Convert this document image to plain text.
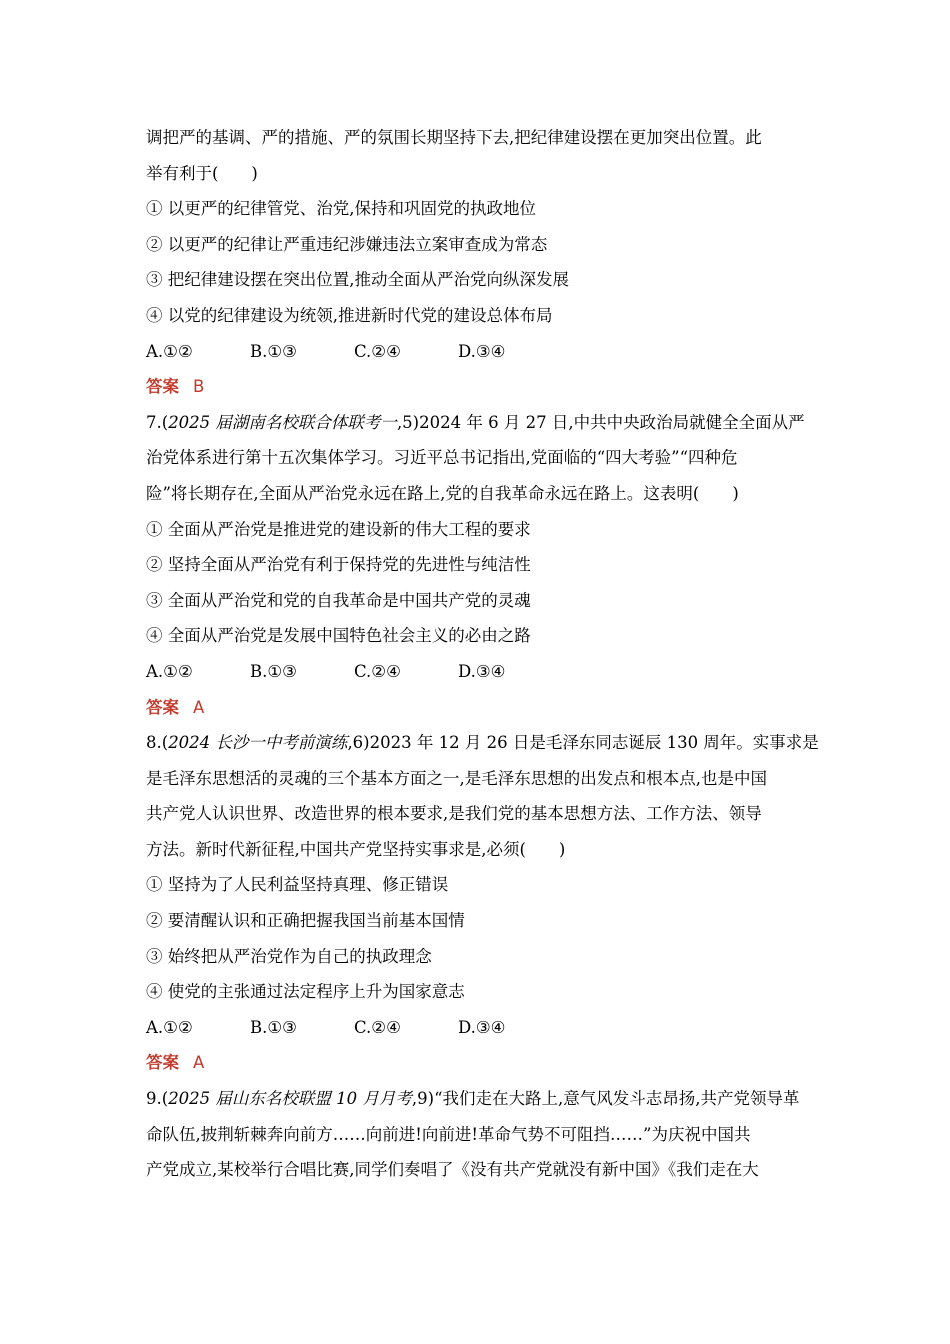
调把严的基调、严的措施、严的氛围长期坚持下去,把纪律建设摆在更加突出位置。此
举有利于(　　)
① 以更严的纪律管党、治党,保持和巩固党的执政地位
② 以更严的纪律让严重违纪涉嫌违法立案审查成为常态
③ 把纪律建设摆在突出位置,推动全面从严治党向纵深发展
④ 以党的纪律建设为统领,推进新时代党的建设总体布局
A.①②	B.①③	C.②④	D.③④
答案 B
7.(2025 届湖南名校联合体联考一,5)2024 年 6 月 27 日,中共中央政治局就健全全面从严
治党体系进行第十五次集体学习。习近平总书记指出,党面临的“四大考验”“四种危
险”将长期存在,全面从严治党永远在路上,党的自我革命永远在路上。这表明(　　)
① 全面从严治党是推进党的建设新的伟大工程的要求
② 坚持全面从严治党有利于保持党的先进性与纯洁性
③ 全面从严治党和党的自我革命是中国共产党的灵魂
④ 全面从严治党是发展中国特色社会主义的必由之路
A.①②	B.①③	C.②④	D.③④
答案 A
8.(2024 长沙一中考前演练,6)2023 年 12 月 26 日是毛泽东同志诞辰 130 周年。实事求是
是毛泽东思想活的灵魂的三个基本方面之一,是毛泽东思想的出发点和根本点,也是中国
共产党人认识世界、改造世界的根本要求,是我们党的基本思想方法、工作方法、领导
方法。新时代新征程,中国共产党坚持实事求是,必须(　　)
① 坚持为了人民利益坚持真理、修正错误
② 要清醒认识和正确把握我国当前基本国情
③ 始终把从严治党作为自己的执政理念
④ 使党的主张通过法定程序上升为国家意志
A.①②	B.①③	C.②④	D.③④
答案 A
9.(2025 届山东名校联盟 10 月月考,9)“我们走在大路上,意气风发斗志昂扬,共产党领导革
命队伍,披荆斩棘奔向前方……向前进!向前进!革命气势不可阻挡……”为庆祝中国共
产党成立,某校举行合唱比赛,同学们奏唱了《没有共产党就没有新中国》《我们走在大
